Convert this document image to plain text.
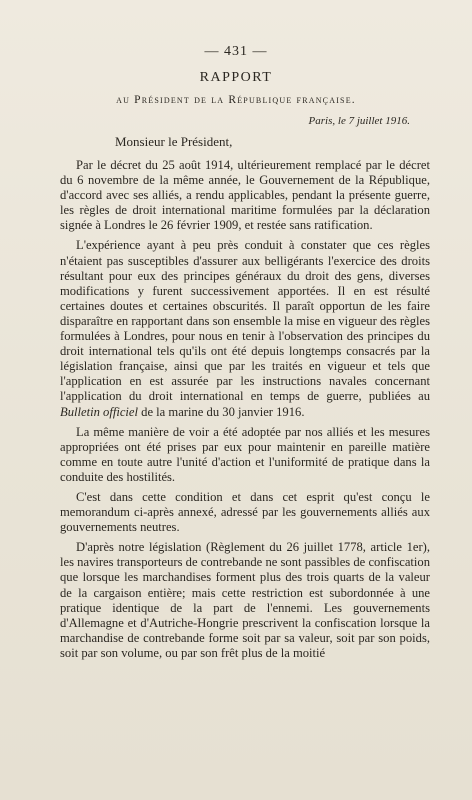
— 431 —
RAPPORT
au Président de la République française.
Paris, le 7 juillet 1916.
Monsieur le Président,

Par le décret du 25 août 1914, ultérieurement remplacé par le décret du 6 novembre de la même année, le Gouvernement de la République, d'accord avec ses alliés, a rendu applicables, pendant la présente guerre, les règles de droit international maritime formulées par la déclaration signée à Londres le 26 février 1909, et restée sans ratification.

L'expérience ayant à peu près conduit à constater que ces règles n'étaient pas susceptibles d'assurer aux belligérants l'exercice des droits résultant pour eux des principes généraux du droit des gens, diverses modifications y furent successivement apportées. Il en est résulté certaines doutes et certaines obscurités. Il paraît opportun de les faire disparaître en rapportant dans son ensemble la mise en vigueur des règles formulées à Londres, pour nous en tenir à l'observation des principes du droit international tels qu'ils ont été depuis longtemps consacrés par la législation française, ainsi que par les traités en vigueur et tels que l'application en est assurée par les instructions navales concernant l'application du droit international en temps de guerre, publiées au Bulletin officiel de la marine du 30 janvier 1916.

La même manière de voir a été adoptée par nos alliés et les mesures appropriées ont été prises par eux pour maintenir en pareille matière comme en toute autre l'unité d'action et l'uniformité de pratique dans la conduite des hostilités.

C'est dans cette condition et dans cet esprit qu'est conçu le memorandum ci-après annexé, adressé par les gouvernements alliés aux gouvernements neutres.

D'après notre législation (Règlement du 26 juillet 1778, article 1er), les navires transporteurs de contrebande ne sont passibles de confiscation que lorsque les marchandises forment plus des trois quarts de la valeur de la cargaison entière; mais cette restriction est subordonnée à une pratique identique de la part de l'ennemi. Les gouvernements d'Allemagne et d'Autriche-Hongrie prescrivent la confiscation lorsque la marchandise de contrebande forme soit par sa valeur, soit par son poids, soit par son volume, ou par son frêt plus de la moitié
